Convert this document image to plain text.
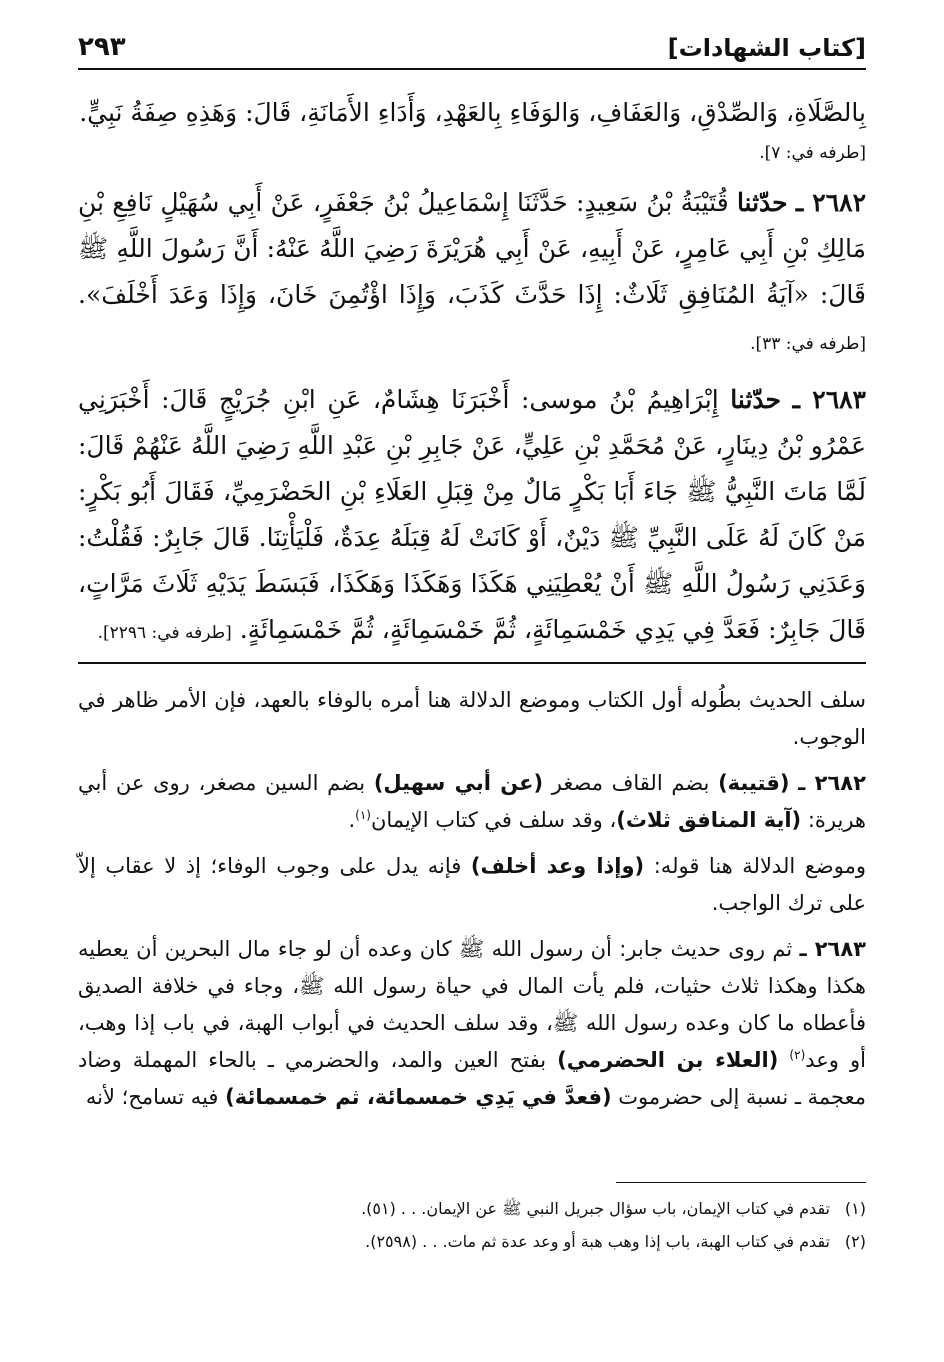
[كتاب الشهادات]
٢٩٣

بِالصَّلَاةِ، وَالصِّدْقِ، وَالعَفَافِ، وَالوَفَاءِ بِالعَهْدِ، وَأَدَاءِ الأَمَانَةِ، قَالَ: وَهَذِهِ صِفَةُ نَبِيٍّ.

[طرفه في: ٧].

٢٦٨٢ ـ حدّثنا قُتَيْبَةُ بْنُ سَعِيدٍ: حَدَّثَنَا إِسْمَاعِيلُ بْنُ جَعْفَرٍ، عَنْ أَبِي سُهَيْلٍ نَافِعِ بْنِ مَالِكِ بْنِ أَبِي عَامِرٍ، عَنْ أَبِيهِ، عَنْ أَبِي هُرَيْرَةَ رَضِيَ اللَّهُ عَنْهُ: أَنَّ رَسُولَ اللَّهِ ﷺ قَالَ: «آيَةُ المُنَافِقِ ثَلَاثٌ: إِذَا حَدَّثَ كَذَبَ، وَإِذَا اؤْتُمِنَ خَانَ، وَإِذَا وَعَدَ أَخْلَفَ». [طرفه في: ٣٣].

٢٦٨٣ ـ حدّثنا إِبْرَاهِيمُ بْنُ موسى: أَخْبَرَنَا هِشَامٌ، عَنِ ابْنِ جُرَيْجٍ قَالَ: أَخْبَرَنِي عَمْرُو بْنُ دِينَارٍ، عَنْ مُحَمَّدِ بْنِ عَلِيٍّ، عَنْ جَابِرِ بْنِ عَبْدِ اللَّهِ رَضِيَ اللَّهُ عَنْهُمْ قَالَ: لَمَّا مَاتَ النَّبِيُّ ﷺ جَاءَ أَبَا بَكْرٍ مَالٌ مِنْ قِبَلِ العَلَاءِ بْنِ الحَضْرَمِيِّ، فَقَالَ أَبُو بَكْرٍ: مَنْ كَانَ لَهُ عَلَى النَّبِيِّ ﷺ دَيْنٌ، أَوْ كَانَتْ لَهُ قِبَلَهُ عِدَةٌ، فَلْيَأْتِنَا. قَالَ جَابِرٌ: فَقُلْتُ: وَعَدَنِي رَسُولُ اللَّهِ ﷺ أَنْ يُعْطِيَنِي هَكَذَا وَهَكَذَا وَهَكَذَا، فَبَسَطَ يَدَيْهِ ثَلَاثَ مَرَّاتٍ، قَالَ جَابِرٌ: فَعَدَّ فِي يَدِي خَمْسَمِائَةٍ، ثُمَّ خَمْسَمِائَةٍ، ثُمَّ خَمْسَمِائَةٍ. [طرفه في: ٢٢٩٦].

سلف الحديث بطُوله أول الكتاب وموضع الدلالة هنا أمره بالوفاء بالعهد، فإن الأمر ظاهر في الوجوب.

٢٦٨٢ ـ (قتيبة) بضم القاف مصغر (عن أبي سهيل) بضم السين مصغر، روى عن أبي هريرة: (آية المنافق ثلاث)، وقد سلف في كتاب الإيمان$^{(١)}$.

وموضع الدلالة هنا قوله: (وإذا وعد أخلف) فإنه يدل على وجوب الوفاء؛ إذ لا عقاب إلاّ على ترك الواجب.

٢٦٨٣ ـ ثم روى حديث جابر: أن رسول الله ﷺ كان وعده أن لو جاء مال البحرين أن يعطيه هكذا وهكذا ثلاث حثيات، فلم يأت المال في حياة رسول الله ﷺ، وجاء في خلافة الصديق فأعطاه ما كان وعده رسول الله ﷺ، وقد سلف الحديث في أبواب الهبة، في باب إذا وهب، أو وعد$^{(٢)}$ (العلاء بن الحضرمي) بفتح العين والمد، والحضرمي ـ بالحاء المهملة وضاد معجمة ـ نسبة إلى حضرموت (فعدَّ في يَدِي خمسمائة، ثم خمسمائة) فيه تسامح؛ لأنه

(١)تقدم في كتاب الإيمان، باب سؤال جبريل النبي ﷺ عن الإيمان. . . (٥١).

(٢)تقدم في كتاب الهبة، باب إذا وهب هبة أو وعد عدة ثم مات. . . (٢٥٩٨).
